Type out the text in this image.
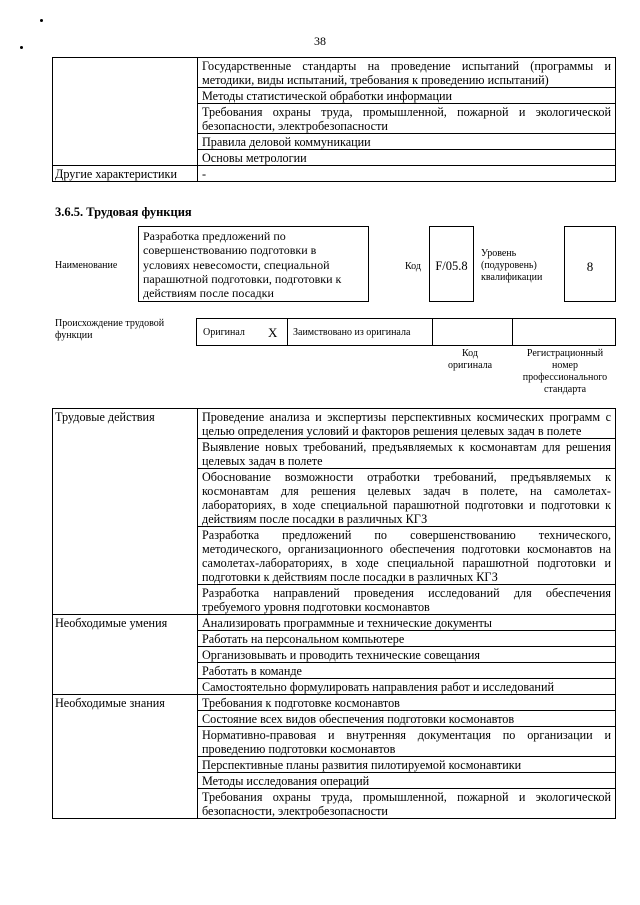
38
	Государственные стандарты на проведение испытаний (программы и методики, виды испытаний, требования к проведению испытаний)
	Методы статистической обработки информации
	Требования охраны труда, промышленной, пожарной и экологической безопасности, электробезопасности
	Правила деловой коммуникации
	Основы метрологии
Другие характеристики	-
3.6.5. Трудовая функция
Наименование
Разработка предложений по совершенствованию подготовки в условиях невесомости, специальной парашютной подготовки, подготовки к действиям после посадки
Код	F/05.8
Уровень (подуровень) квалификации
8
Происхождение трудовой функции	Оригинал X Заимствовано из оригинала
Код оригинала
Регистрационный номер профессионального стандарта
Трудовые действия	Проведение анализа и экспертизы перспективных космических программ с целью определения условий и факторов решения целевых задач в полете
	Выявление новых требований, предъявляемых к космонавтам для решения целевых задач в полете
	Обоснование возможности отработки требований, предъявляемых к космонавтам для решения целевых задач в полете, на самолетах-лабораториях, в ходе специальной парашютной подготовки и подготовки к действиям после посадки в различных КГЗ
	Разработка предложений по совершенствованию технического, методического, организационного обеспечения подготовки космонавтов на самолетах-лабораториях, в ходе специальной парашютной подготовки и подготовки к действиям после посадки в различных КГЗ
	Разработка направлений проведения исследований для обеспечения требуемого уровня подготовки космонавтов
Необходимые умения	Анализировать программные и технические документы
	Работать на персональном компьютере
	Организовывать и проводить технические совещания
	Работать в команде
	Самостоятельно формулировать направления работ и исследований
Необходимые знания	Требования к подготовке космонавтов
	Состояние всех видов обеспечения подготовки космонавтов
	Нормативно-правовая и внутренняя документация по организации и проведению подготовки космонавтов
	Перспективные планы развития пилотируемой космонавтики
	Методы исследования операций
	Требования охраны труда, промышленной, пожарной и экологической безопасности, электробезопасности
